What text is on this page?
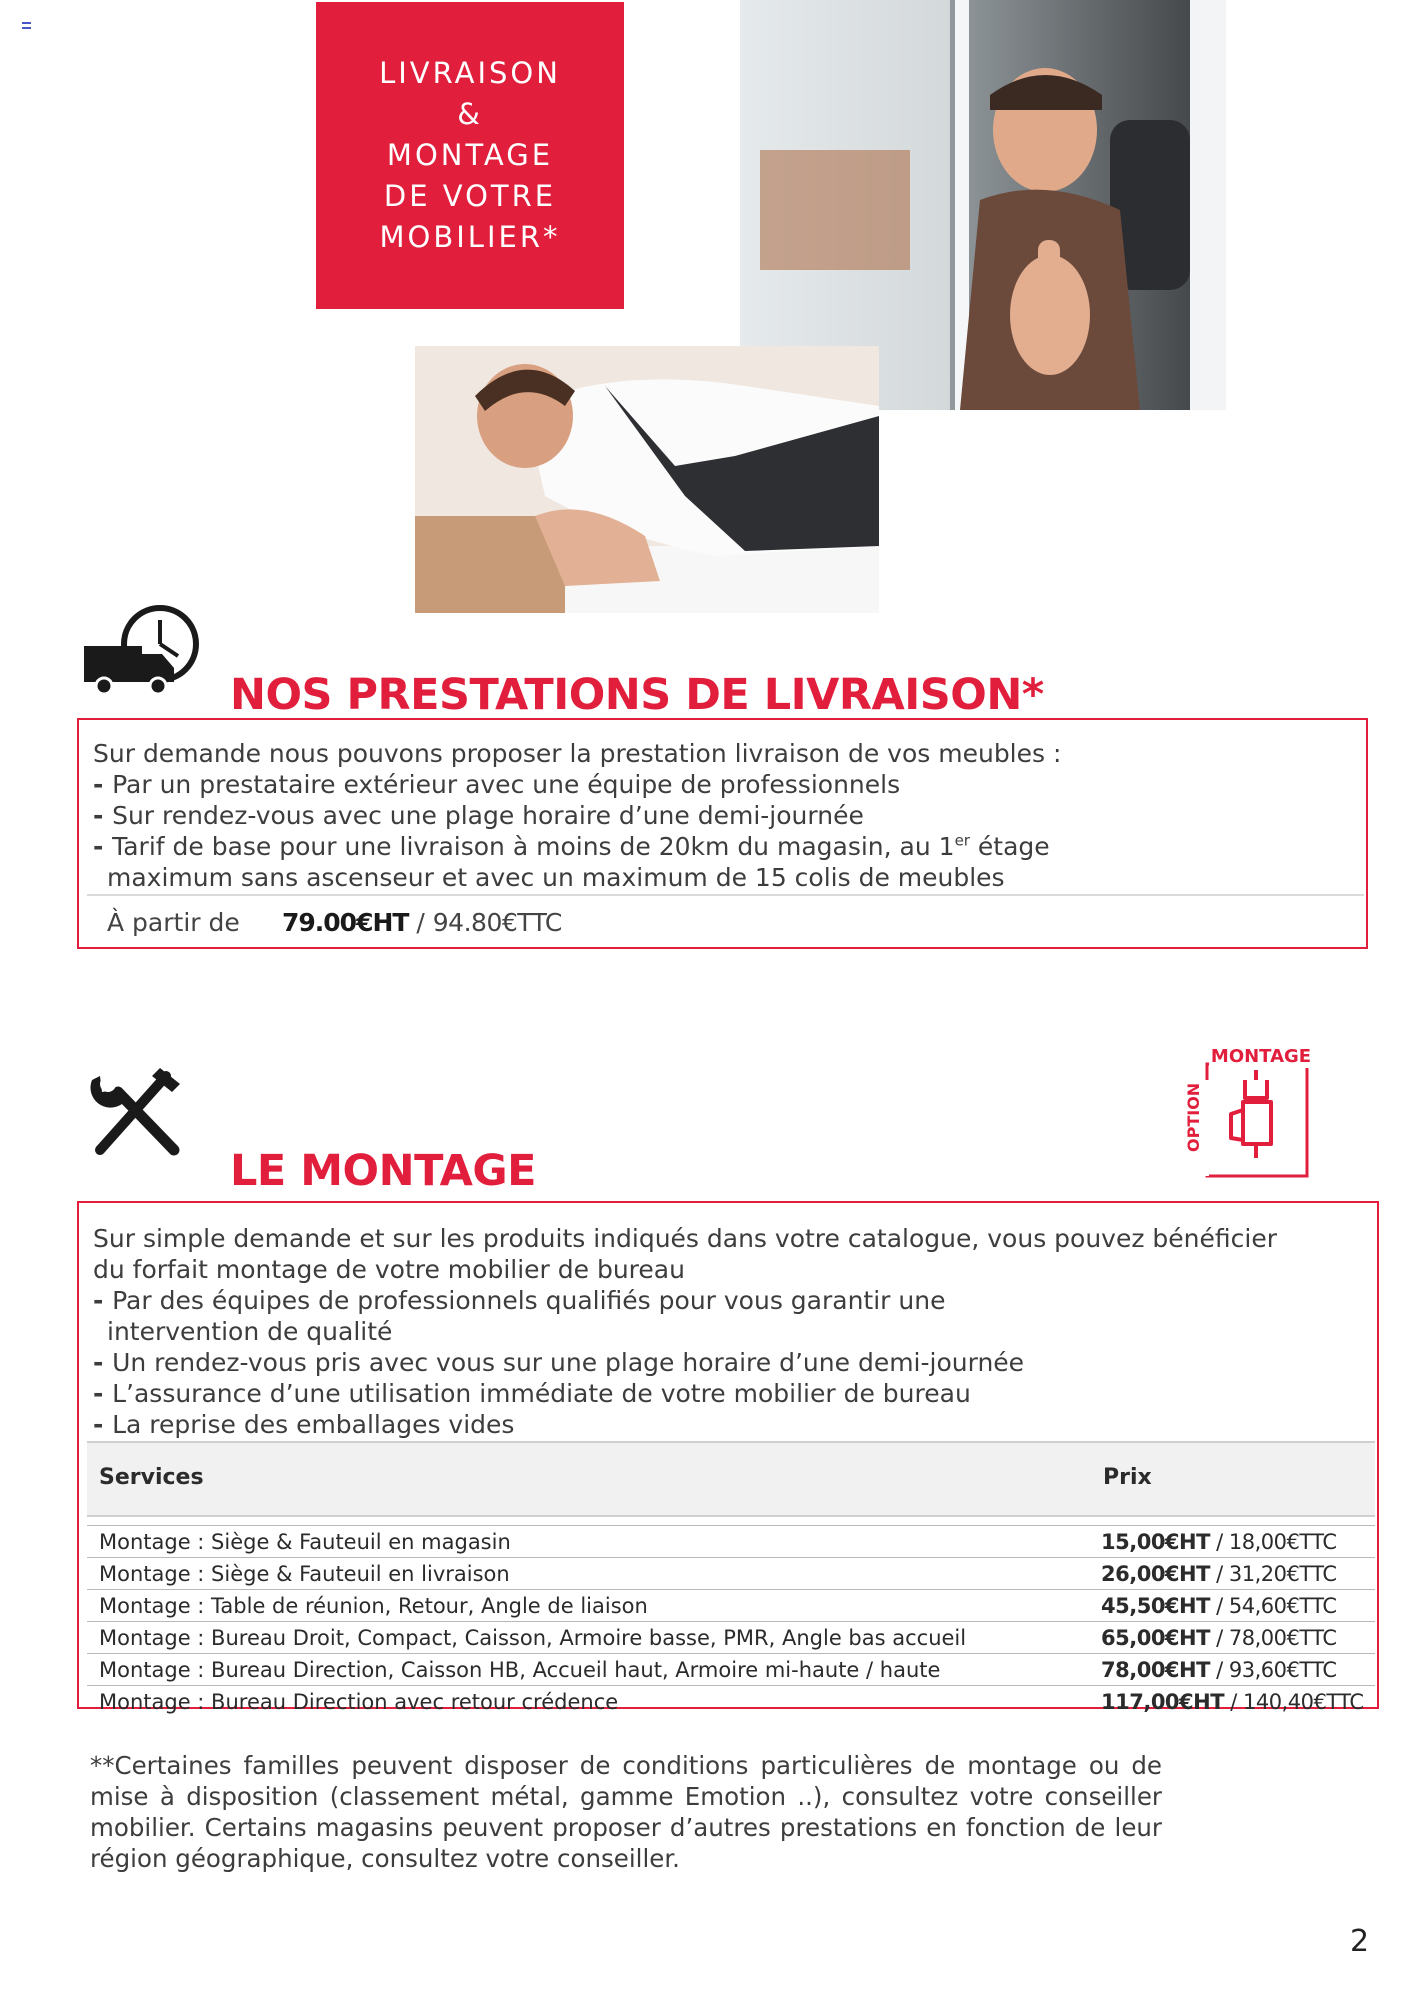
LIVRAISON
&
MONTAGE
DE VOTRE
MOBILIER*
NOS PRESTATIONS DE LIVRAISON*
Sur demande nous pouvons proposer la prestation livraison de vos meubles :
- Par un prestataire extérieur avec une équipe de professionnels
- Sur rendez-vous avec une plage horaire d’une demi-journée
- Tarif de base pour une livraison à moins de 20km du magasin, au 1er étage
maximum sans ascenseur et avec un maximum de 15 colis de meubles
À partir de 79.00€HT / 94.80€TTC
LE MONTAGE
MONTAGE
OPTION
Sur simple demande et sur les produits indiqués dans votre catalogue, vous pouvez bénéficier
du forfait montage de votre mobilier de bureau
- Par des équipes de professionnels qualifiés pour vous garantir une
intervention de qualité
- Un rendez-vous pris avec vous sur une plage horaire d’une demi-journée
- L’assurance d’une utilisation immédiate de votre mobilier de bureau
- La reprise des emballages vides
Services	Prix
Montage : Siège & Fauteuil en magasin	15,00€HT / 18,00€TTC
Montage : Siège & Fauteuil en livraison	26,00€HT / 31,20€TTC
Montage : Table de réunion, Retour, Angle de liaison	45,50€HT / 54,60€TTC
Montage : Bureau Droit, Compact, Caisson, Armoire basse, PMR, Angle bas accueil	65,00€HT / 78,00€TTC
Montage : Bureau Direction, Caisson HB, Accueil haut, Armoire mi-haute / haute	78,00€HT / 93,60€TTC
Montage : Bureau Direction avec retour crédence	117,00€HT / 140,40€TTC
**Certaines familles peuvent disposer de conditions particulières de montage ou de mise à disposition (classement métal, gamme Emotion ..), consultez votre conseiller mobilier. Certains magasins peuvent proposer d’autres prestations en fonction de leur région géographique, consultez votre conseiller.
2
